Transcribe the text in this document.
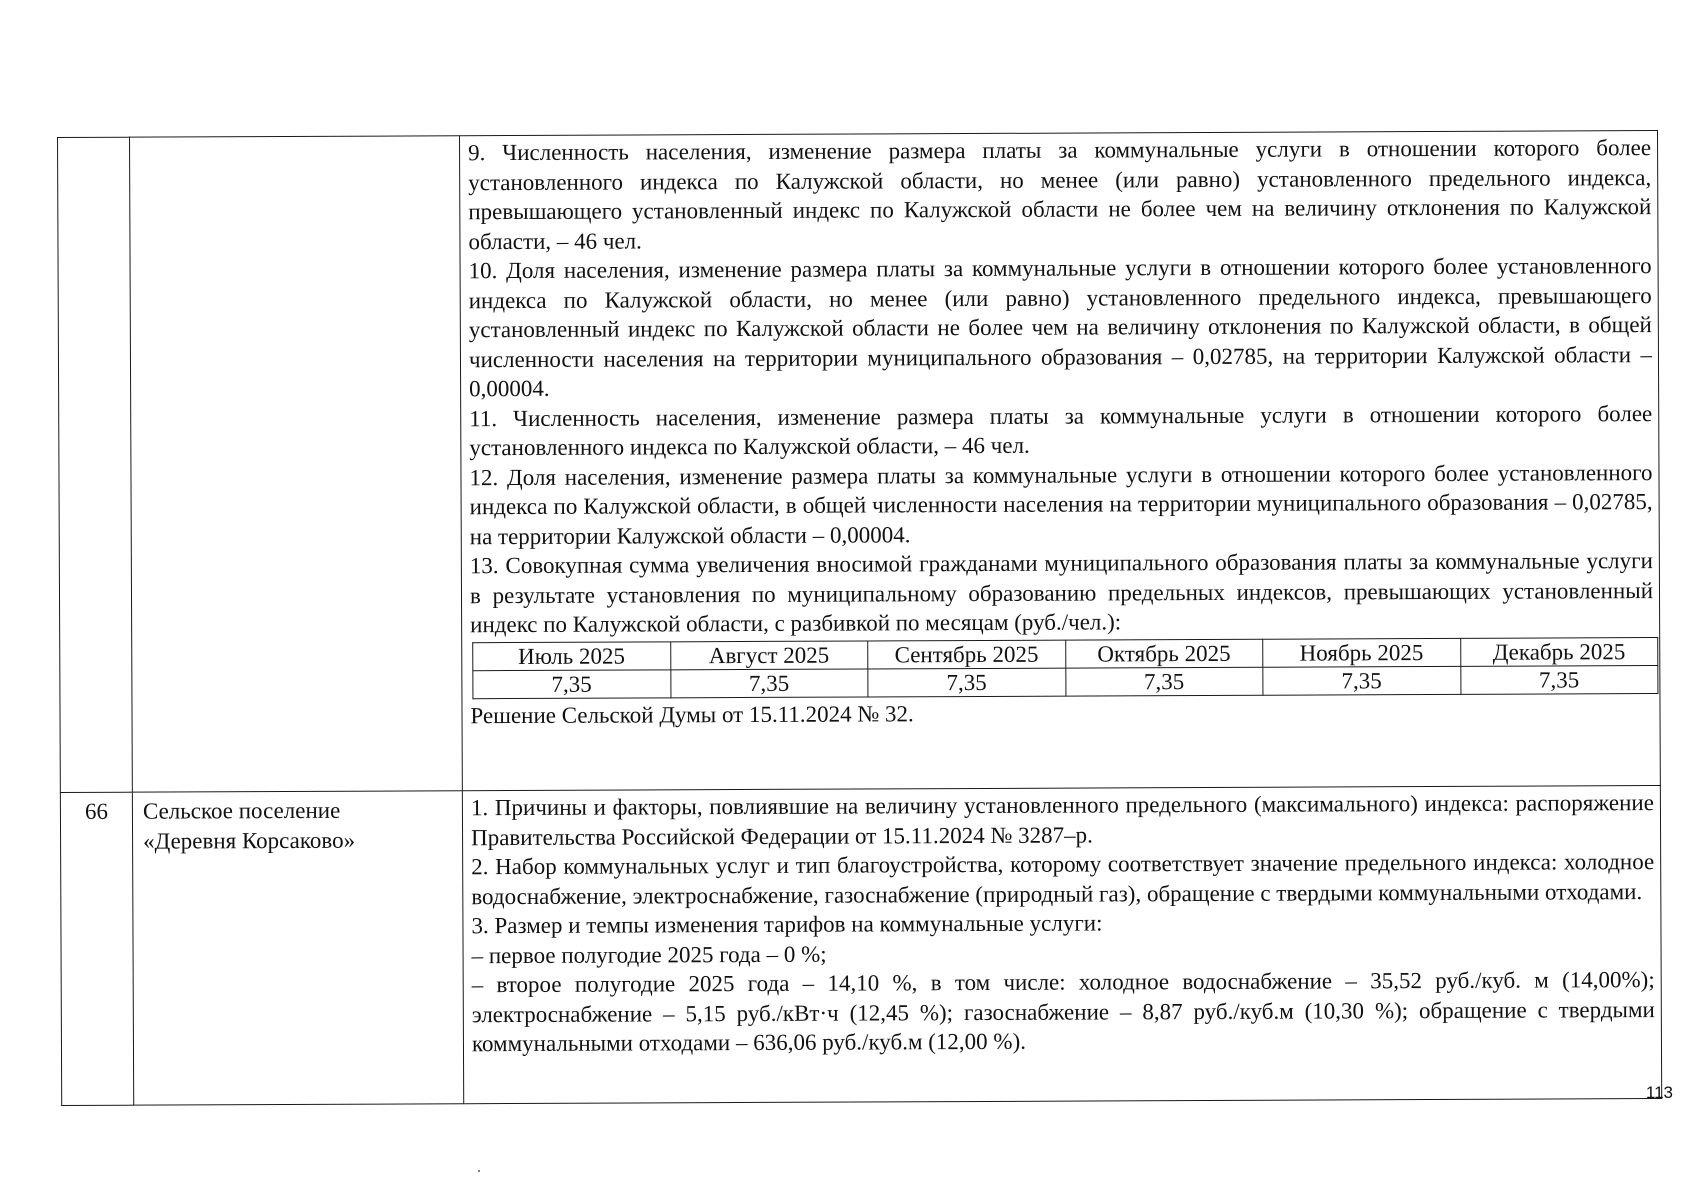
9. Численность населения, изменение размера платы за коммунальные услуги в отношении которого более установленного индекса по Калужской области, но менее (или равно) установленного предельного индекса, превышающего установленный индекс по Калужской области не более чем на величину отклонения по Калужской области, – 46 чел.

10. Доля населения, изменение размера платы за коммунальные услуги в отношении которого более установленного индекса по Калужской области, но менее (или равно) установленного предельного индекса, превышающего установленный индекс по Калужской области не более чем на величину отклонения по Калужской области, в общей численности населения на территории муниципального образования – 0,02785, на территории Калужской области – 0,00004.

11. Численность населения, изменение размера платы за коммунальные услуги в отношении которого более установленного индекса по Калужской области, – 46 чел.

12. Доля населения, изменение размера платы за коммунальные услуги в отношении которого более установленного индекса по Калужской области, в общей численности населения на территории муниципального образования – 0,02785, на территории Калужской области – 0,00004.

13. Совокупная сумма увеличения вносимой гражданами муниципального образования платы за коммунальные услуги в результате установления по муниципальному образованию предельных индексов, превышающих установленный индекс по Калужской области, с разбивкой по месяцам (руб./чел.):

Июль 2025	Август 2025	Сентябрь 2025	Октябрь 2025	Ноябрь 2025	Декабрь 2025
7,35	7,35	7,35	7,35	7,35	7,35

Решение Сельской Думы от 15.11.2024 № 32.

66	Сельское поселение
«Деревня Корсаково»

1. Причины и факторы, повлиявшие на величину установленного предельного (максимального) индекса: распоряжение Правительства Российской Федерации от 15.11.2024 № 3287–р.

2. Набор коммунальных услуг и тип благоустройства, которому соответствует значение предельного индекса: холодное водоснабжение, электроснабжение, газоснабжение (природный газ), обращение с твердыми коммунальными отходами.

3. Размер и темпы изменения тарифов на коммунальные услуги:

– первое полугодие 2025 года – 0 %;

– второе полугодие 2025 года – 14,10 %, в том числе: холодное водоснабжение – 35,52 руб./куб. м (14,00%); электроснабжение – 5,15 руб./кВт·ч (12,45 %); газоснабжение – 8,87 руб./куб.м (10,30 %); обращение с твердыми коммунальными отходами – 636,06 руб./куб.м (12,00 %).

113
